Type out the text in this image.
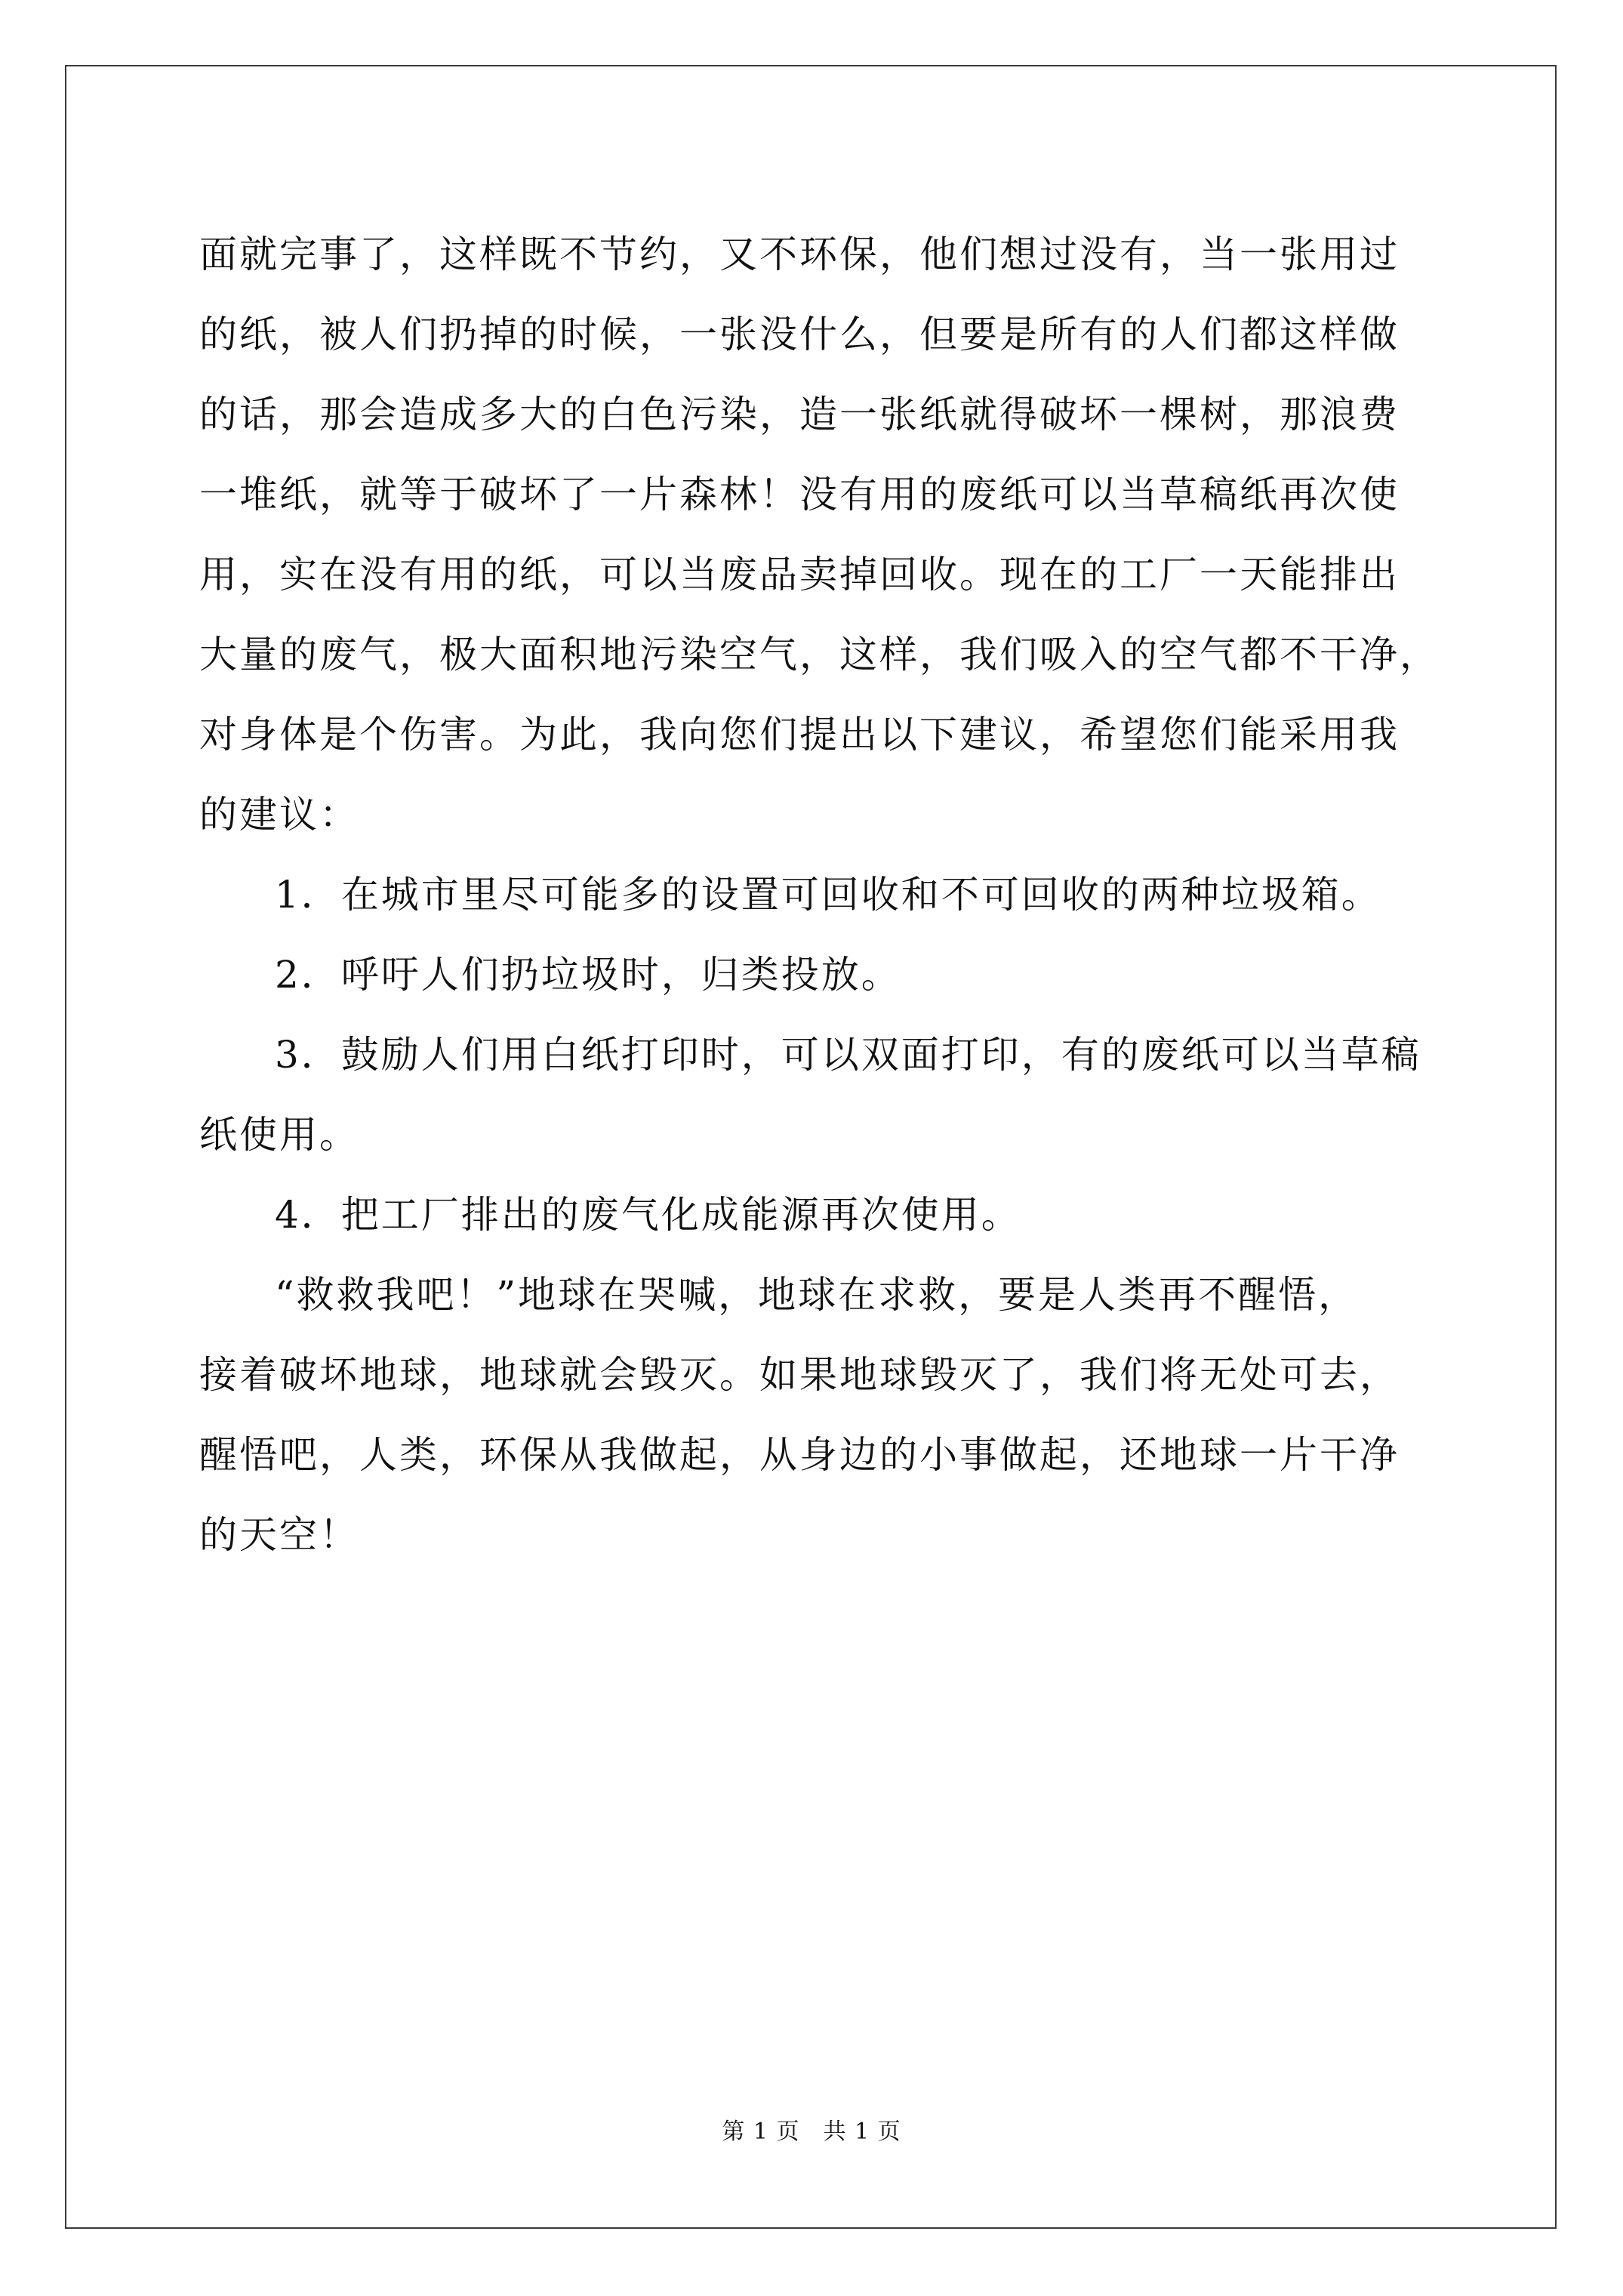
面就完事了，这样既不节约，又不环保，他们想过没有，当一张用过
的纸，被人们扔掉的时候，一张没什么，但要是所有的人们都这样做
的话，那会造成多大的白色污染，造一张纸就得破坏一棵树，那浪费
一堆纸，就等于破坏了一片森林！没有用的废纸可以当草稿纸再次使
用，实在没有用的纸，可以当废品卖掉回收。现在的工厂一天能排出
大量的废气，极大面积地污染空气，这样，我们吸入的空气都不干净，
对身体是个伤害。为此，我向您们提出以下建议，希望您们能采用我
的建议：
1．在城市里尽可能多的设置可回收和不可回收的两种垃圾箱。
2．呼吁人们扔垃圾时，归类投放。
3．鼓励人们用白纸打印时，可以双面打印，有的废纸可以当草稿
纸使用。
4．把工厂排出的废气化成能源再次使用。
“救救我吧！”地球在哭喊，地球在求救，要是人类再不醒悟，
接着破坏地球，地球就会毁灭。如果地球毁灭了，我们将无处可去，
醒悟吧，人类，环保从我做起，从身边的小事做起，还地球一片干净
的天空！
第 1 页　共 1 页
